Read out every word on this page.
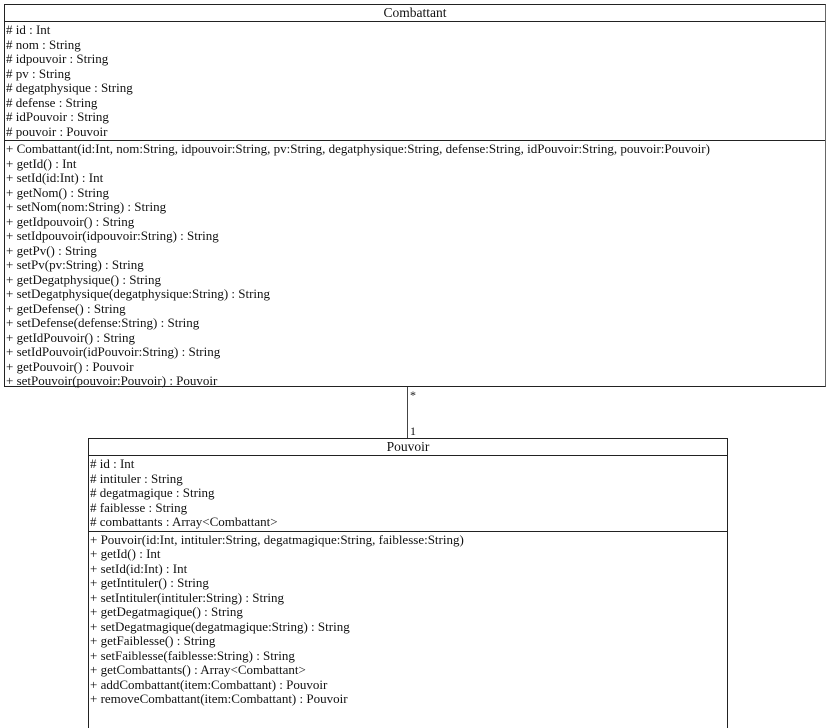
Combattant
# id : Int
# nom : String
# idpouvoir : String
# pv : String
# degatphysique : String
# defense : String
# idPouvoir : String
# pouvoir : Pouvoir
+ Combattant(id:Int, nom:String, idpouvoir:String, pv:String, degatphysique:String, defense:String, idPouvoir:String, pouvoir:Pouvoir)
+ getId() : Int
+ setId(id:Int) : Int
+ getNom() : String
+ setNom(nom:String) : String
+ getIdpouvoir() : String
+ setIdpouvoir(idpouvoir:String) : String
+ getPv() : String
+ setPv(pv:String) : String
+ getDegatphysique() : String
+ setDegatphysique(degatphysique:String) : String
+ getDefense() : String
+ setDefense(defense:String) : String
+ getIdPouvoir() : String
+ setIdPouvoir(idPouvoir:String) : String
+ getPouvoir() : Pouvoir
+ setPouvoir(pouvoir:Pouvoir) : Pouvoir
*
1
Pouvoir
# id : Int
# intituler : String
# degatmagique : String
# faiblesse : String
# combattants : Array<Combattant>
+ Pouvoir(id:Int, intituler:String, degatmagique:String, faiblesse:String)
+ getId() : Int
+ setId(id:Int) : Int
+ getIntituler() : String
+ setIntituler(intituler:String) : String
+ getDegatmagique() : String
+ setDegatmagique(degatmagique:String) : String
+ getFaiblesse() : String
+ setFaiblesse(faiblesse:String) : String
+ getCombattants() : Array<Combattant>
+ addCombattant(item:Combattant) : Pouvoir
+ removeCombattant(item:Combattant) : Pouvoir
